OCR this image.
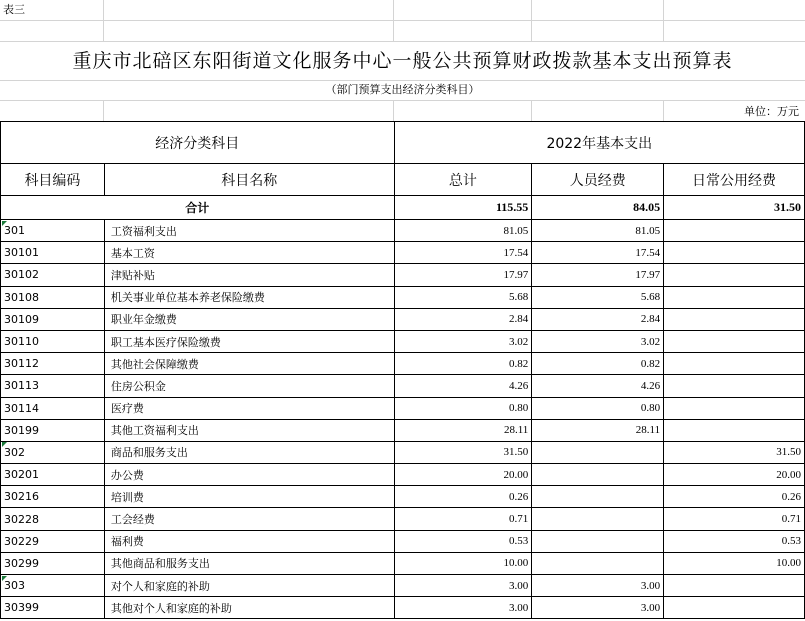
表三
重庆市北碚区东阳街道文化服务中心一般公共预算财政拨款基本支出预算表
（部门预算支出经济分类科目）
单位：万元
经济分类科目		2022年基本支出		
科目编码	科目名称	总计	人员经费	日常公用经费
合计		115.55	84.05	31.50
301	工资福利支出	81.05	81.05	
30101	基本工资	17.54	17.54	
30102	津贴补贴	17.97	17.97	
30108	机关事业单位基本养老保险缴费	5.68	5.68	
30109	职业年金缴费	2.84	2.84	
30110	职工基本医疗保险缴费	3.02	3.02	
30112	其他社会保障缴费	0.82	0.82	
30113	住房公积金	4.26	4.26	
30114	医疗费	0.80	0.80	
30199	其他工资福利支出	28.11	28.11	
302	商品和服务支出	31.50		31.50
30201	办公费	20.00		20.00
30216	培训费	0.26		0.26
30228	工会经费	0.71		0.71
30229	福利费	0.53		0.53
30299	其他商品和服务支出	10.00		10.00
303	对个人和家庭的补助	3.00	3.00	
30399	其他对个人和家庭的补助	3.00	3.00	
